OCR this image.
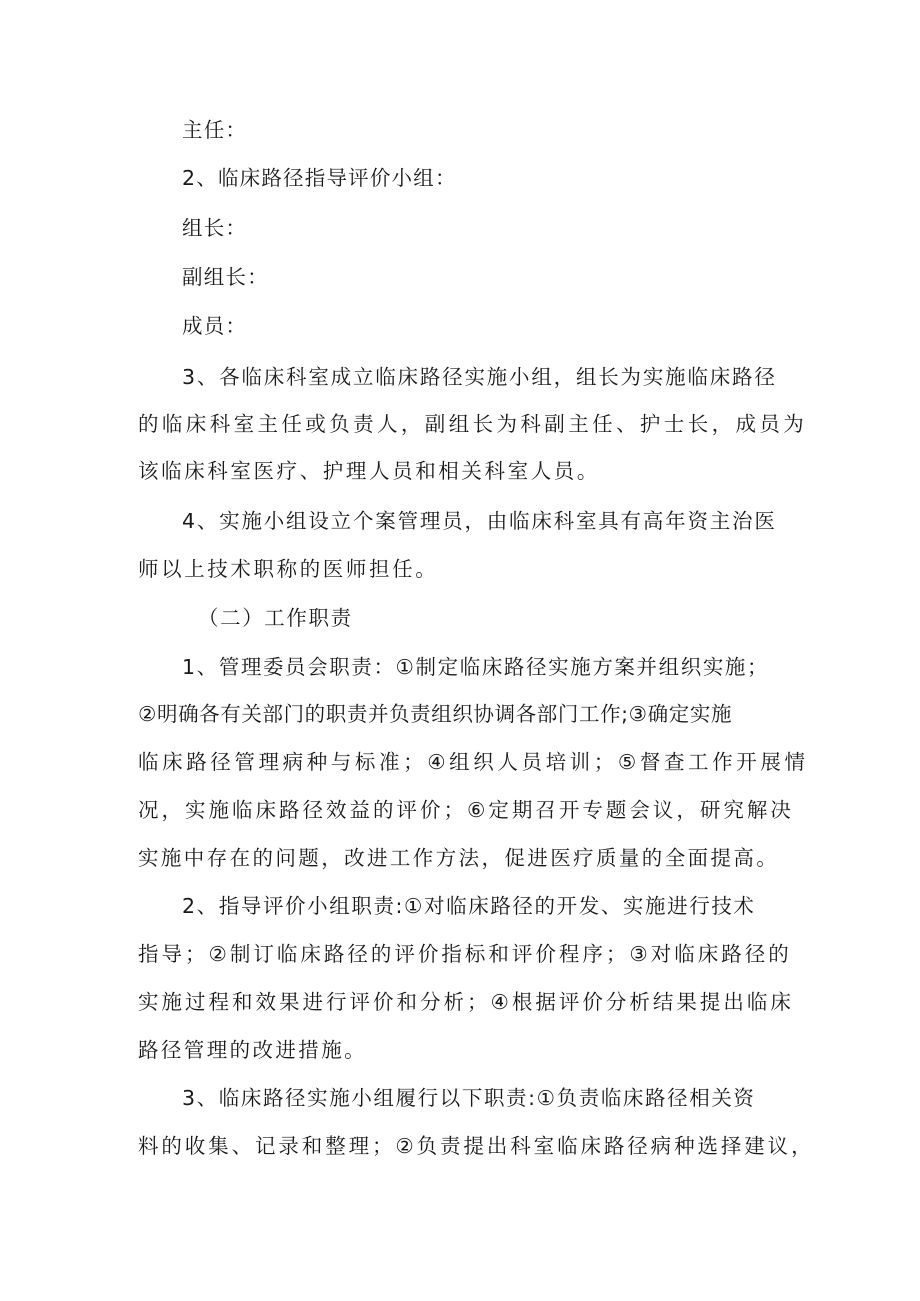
主任：
2、临床路径指导评价小组：
组长：
副组长：
成员：
3、各临床科室成立临床路径实施小组，组长为实施临床路径
的临床科室主任或负责人，副组长为科副主任、护士长，成员为
该临床科室医疗、护理人员和相关科室人员。
4、实施小组设立个案管理员，由临床科室具有高年资主治医
师以上技术职称的医师担任。
（二）工作职责
1、管理委员会职责：①制定临床路径实施方案并组织实施；
②明确各有关部门的职责并负责组织协调各部门工作;③确定实施
临床路径管理病种与标准；④组织人员培训；⑤督查工作开展情
况，实施临床路径效益的评价；⑥定期召开专题会议，研究解决
实施中存在的问题，改进工作方法，促进医疗质量的全面提高。
2、指导评价小组职责:①对临床路径的开发、实施进行技术
指导；②制订临床路径的评价指标和评价程序；③对临床路径的
实施过程和效果进行评价和分析；④根据评价分析结果提出临床
路径管理的改进措施。
3、临床路径实施小组履行以下职责:①负责临床路径相关资
料的收集、记录和整理；②负责提出科室临床路径病种选择建议，
